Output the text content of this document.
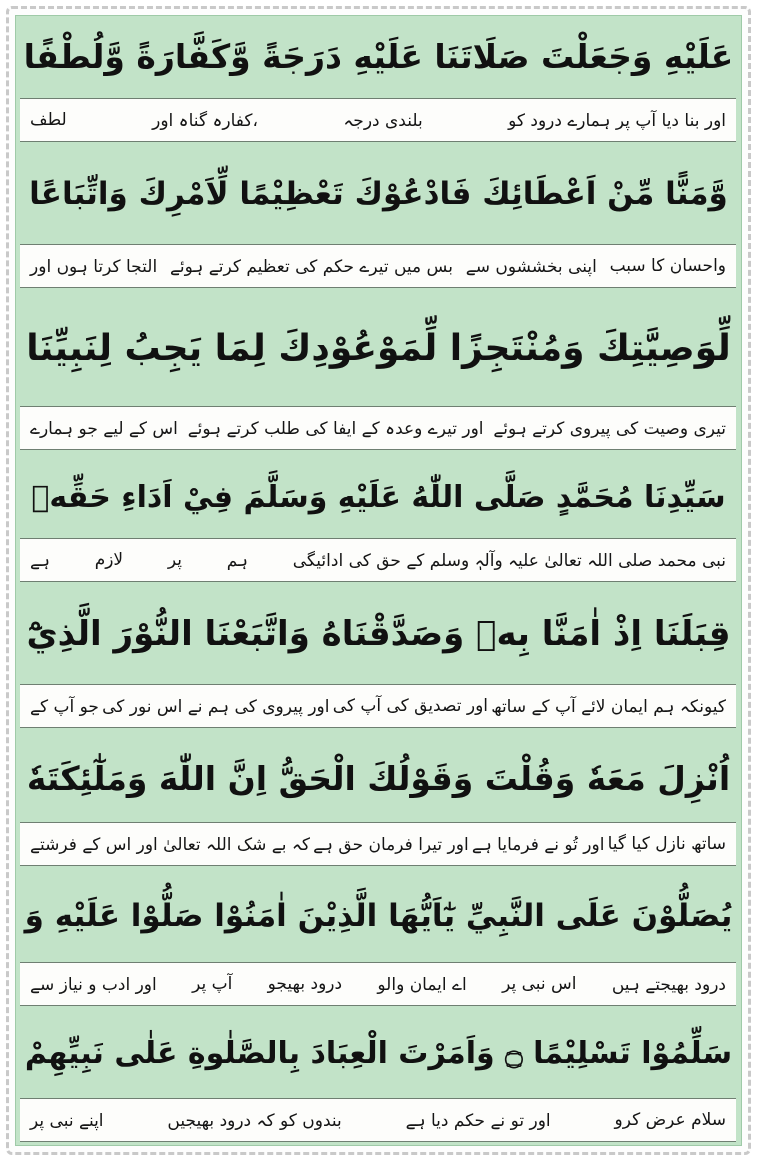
عَلَيْهِ وَجَعَلْتَ صَلَاتَنَا عَلَيْهِ دَرَجَةً وَّكَفَّارَةً وَّلُطْفًا
اور بنا دیا آپ پر ہمارے درود کو
بلندی درجہ
،کفارہ گناہ اور
لطف
وَّمَنًّا مِّنْ اَعْطَائِكَ فَادْعُوْكَ تَعْظِيْمًا لِّاَمْرِكَ وَاتِّبَاعًا
واحسان کا سبب
اپنی بخششوں سے
بس میں تیرے حکم کی تعظیم کرتے ہوئے
التجا کرتا ہوں اور
لِّوَصِيَّتِكَ وَمُنْتَجِزًا لِّمَوْعُوْدِكَ لِمَا يَجِبُ لِنَبِيِّنَا
تیری وصیت کی پیروی کرتے ہوئے
اور تیرے وعدہ کے ایفا کی طلب کرتے ہوئے
اس کے لیے جو ہمارے
سَيِّدِنَا مُحَمَّدٍ صَلَّى اللّٰهُ عَلَيْهِ وَسَلَّمَ فِيْ اَدَاءِ حَقِّهٖ
نبی محمد صلی اللہ تعالیٰ علیہ وآلہٖ وسلم کے حق کی ادائیگی
ہم
پر
لازم
ہے
قِبَلَنَا اِذْ اٰمَنَّا بِهٖ وَصَدَّقْنَاهُ وَاتَّبَعْنَا النُّوْرَ الَّذِيْٓ
کیونکہ ہم ایمان لائے آپ کے ساتھ
اور تصدیق کی آپ کی
اور پیروی کی ہم نے اس نور کی
جو آپ کے
اُنْزِلَ مَعَهٗ وَقُلْتَ وَقَوْلُكَ الْحَقُّ اِنَّ اللّٰهَ وَمَلٰٓئِكَتَهٗ
ساتھ نازل کیا گیا
اور تُو نے فرمایا ہے
اور تیرا فرمان حق ہے
کہ بے شک اللہ تعالیٰ اور اس کے فرشتے
يُصَلُّوْنَ عَلَى النَّبِيِّ يٰٓاَيُّهَا الَّذِيْنَ اٰمَنُوْا صَلُّوْا عَلَيْهِ وَ
درود بھیجتے ہیں
اس نبی پر
اے ایمان والو
درود بھیجو
آپ پر
اور ادب و نیاز سے
سَلِّمُوْا تَسْلِيْمًا ۝ وَاَمَرْتَ الْعِبَادَ بِالصَّلٰوةِ عَلٰى نَبِيِّهِمْ
سلام عرض کرو
اور تو نے حکم دیا ہے
بندوں کو کہ درود بھیجیں
اپنے نبی پر
